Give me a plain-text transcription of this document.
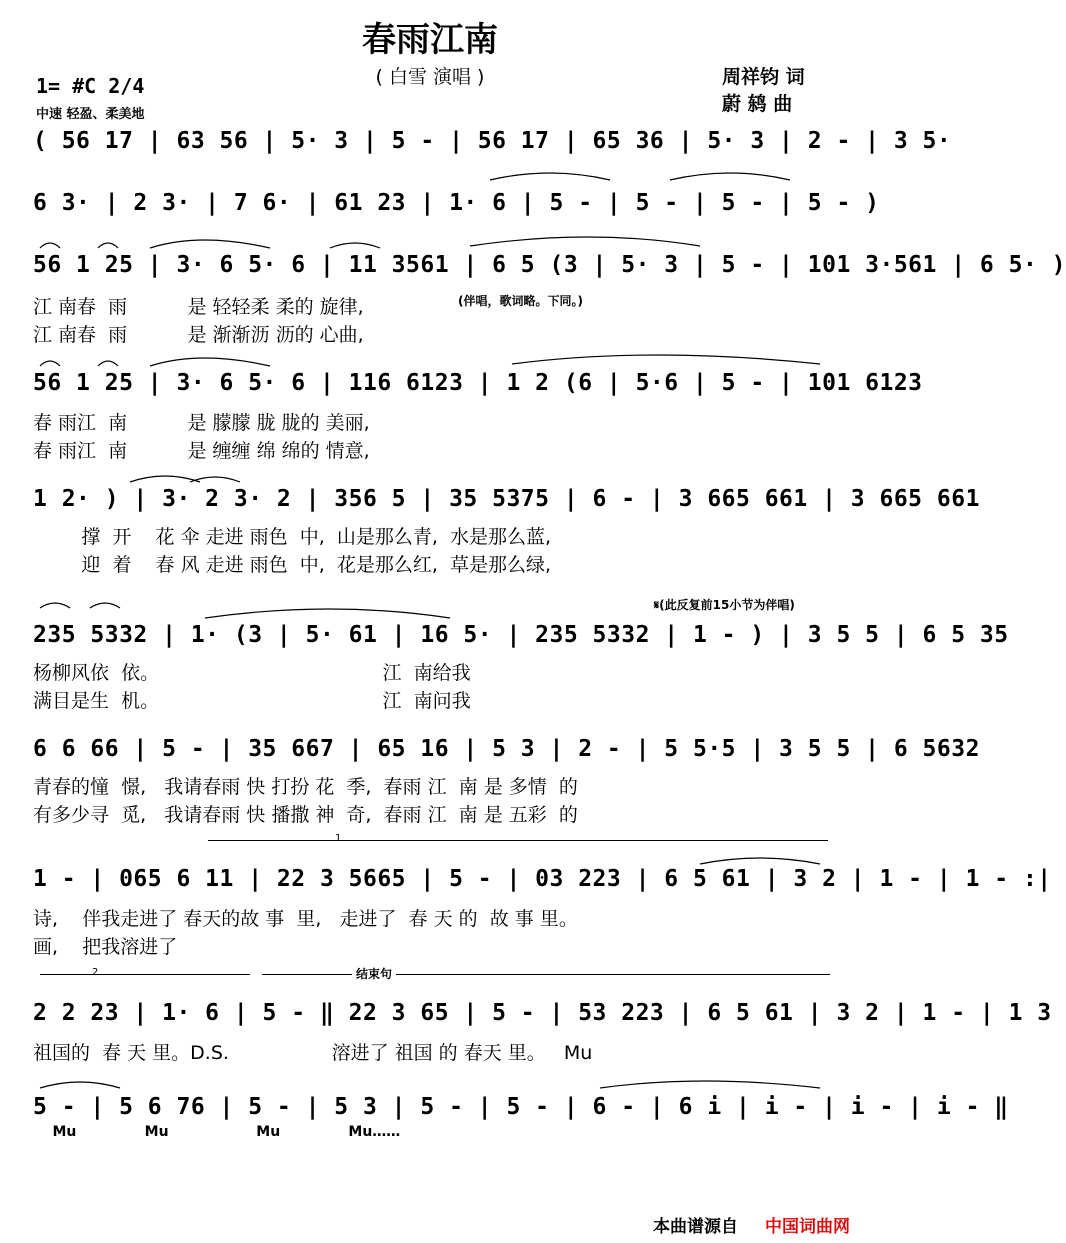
春雨江南
( 白雪 演唱 )
1= #C 2/4
中速 轻盈、柔美地
周祥钧 词
蔚 鸫 曲
( 56 17 | 63 56 | 5· 3 | 5 - | 56 17 | 65 36 | 5· 3 | 2 - | 3 5·
6 3· | 2 3· | 7 6· | 61 23 | 1· 6 | 5 - | 5 - | 5 - | 5 - )
56 1 25 | 3· 6 5· 6 | 11 3561 | 6 5 (3 | 5· 3 | 5 - | 101 3·561 | 6 5· )
江 南春  雨          是 轻轻柔 柔的 旋律,
江 南春  雨          是 渐渐沥 沥的 心曲,
(伴唱，歌词略。下同。)
56 1 25 | 3· 6 5· 6 | 116 6123 | 1 2 (6 | 5·6 | 5 - | 101 6123
春 雨江  南          是 朦朦 胧 胧的 美丽,
春 雨江  南          是 缠缠 绵 绵的 情意,
1 2· ) | 3· 2 3· 2 | 356 5 | 35 5375 | 6 - | 3 665 661 | 3 665 661
撑  开    花 伞 走进 雨色  中,  山是那么青,  水是那么蓝,
迎  着    春 风 走进 雨色  中,  花是那么红,  草是那么绿,
𝄋(此反复前15小节为伴唱)
235 5332 | 1· (3 | 5· 61 | 16 5· | 235 5332 | 1 - ) | 3 5 5 | 6 5 35
杨柳风依  依。                                     江  南给我
满目是生  机。                                     江  南问我
6 6 66 | 5 - | 35 667 | 65 16 | 5 3 | 2 - | 5 5·5 | 3 5 5 | 6 5632
青春的憧  憬,   我请春雨 快 打扮 花  季,  春雨 江  南 是 多情  的
有多少寻  觅,   我请春雨 快 播撒 神  奇,  春雨 江  南 是 五彩  的
1
1 - | 065 6 11 | 22 3 5665 | 5 - | 03 223 | 6 5 61 | 3 2 | 1 - | 1 - :|
诗,    伴我走进了 春天的故 事  里,   走进了  春 天 的  故 事 里。
画,    把我溶进了
2	结束句
2 2 23 | 1· 6 | 5 - ‖ 22 3 65 | 5 - | 53 223 | 6 5 61 | 3 2 | 1 - | 1 3
祖国的  春 天 里。D.S.                 溶进了 祖国 的 春天 里。   Mu
5 - | 5 6 76 | 5 - | 5 3 | 5 - | 5 - | 6 - | 6 i | i - | i - | i - ‖
Mu              Mu                  Mu              Mu……
本曲谱源自 中国词曲网
